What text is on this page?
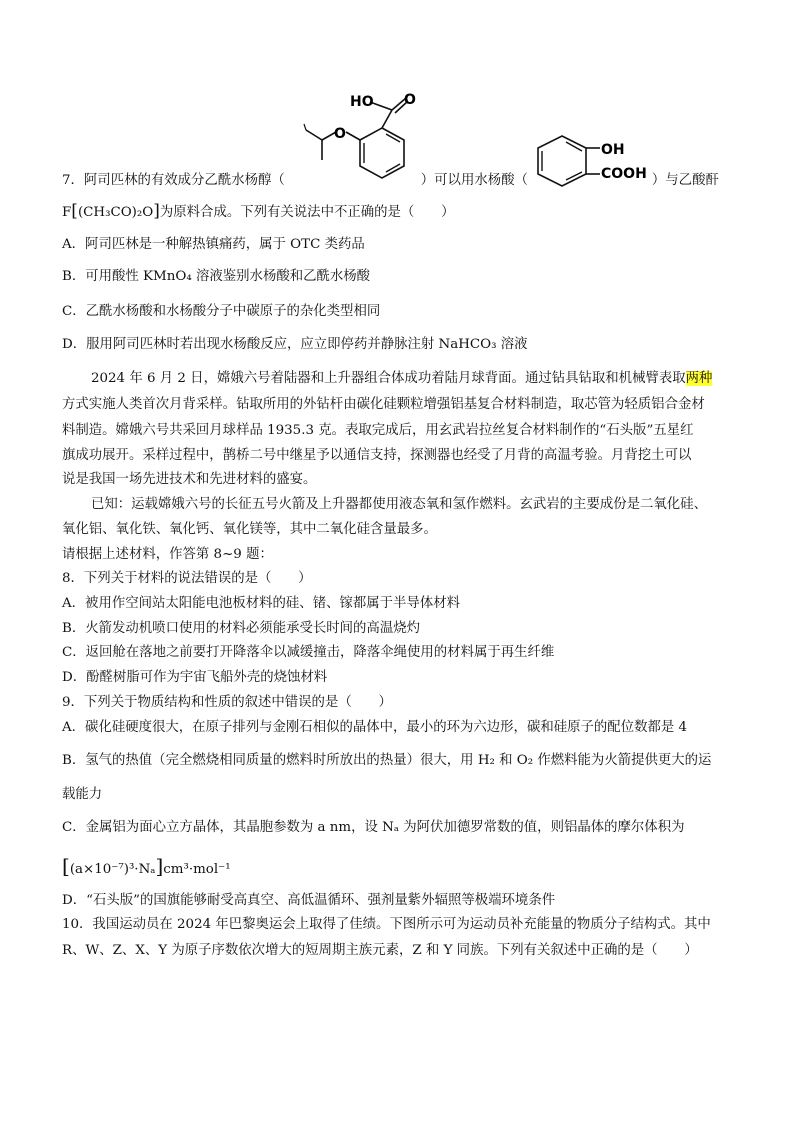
HO O
O
OH
COOH
7．阿司匹林的有效成分乙酰水杨醇（	）可以用水杨酸（	）与乙酸酐
F[(CH₃CO)₂O]为原料合成。下列有关说法中不正确的是（　　）
A．阿司匹林是一种解热镇痛药，属于 OTC 类药品
B．可用酸性 KMnO₄ 溶液鉴别水杨酸和乙酰水杨酸
C．乙酰水杨酸和水杨酸分子中碳原子的杂化类型相同
D．服用阿司匹林时若出现水杨酸反应，应立即停药并静脉注射 NaHCO₃ 溶液
2024 年 6 月 2 日，嫦娥六号着陆器和上升器组合体成功着陆月球背面。通过钻具钻取和机械臂表取两种
方式实施人类首次月背采样。钻取所用的外钻杆由碳化硅颗粒增强铝基复合材料制造，取芯管为轻质铝合金材
料制造。嫦娥六号共采回月球样品 1935.3 克。表取完成后，用玄武岩拉丝复合材料制作的“石头版”五星红
旗成功展开。采样过程中，鹊桥二号中继星予以通信支持，探测器也经受了月背的高温考验。月背挖土可以
说是我国一场先进技术和先进材料的盛宴。
已知：运载嫦娥六号的长征五号火箭及上升器都使用液态氧和氢作燃料。玄武岩的主要成份是二氧化硅、
氧化铝、氧化铁、氧化钙、氧化镁等，其中二氧化硅含量最多。
请根据上述材料，作答第 8~9 题：
8．下列关于材料的说法错误的是（　　）
A．被用作空间站太阳能电池板材料的硅、锗、镓都属于半导体材料
B．火箭发动机喷口使用的材料必须能承受长时间的高温烧灼
C．返回舱在落地之前要打开降落伞以减缓撞击，降落伞绳使用的材料属于再生纤维
D．酚醛树脂可作为宇宙飞船外壳的烧蚀材料
9．下列关于物质结构和性质的叙述中错误的是（　　）
A．碳化硅硬度很大，在原子排列与金刚石相似的晶体中，最小的环为六边形，碳和硅原子的配位数都是 4
B．氢气的热值（完全燃烧相同质量的燃料时所放出的热量）很大，用 H₂ 和 O₂ 作燃料能为火箭提供更大的运
载能力
C．金属铝为面心立方晶体，其晶胞参数为 a nm，设 Nₐ 为阿伏加德罗常数的值，则铝晶体的摩尔体积为
[(a×10⁻⁷)³·Nₐ]cm³·mol⁻¹
D．“石头版”的国旗能够耐受高真空、高低温循环、强剂量紫外辐照等极端环境条件
10．我国运动员在 2024 年巴黎奥运会上取得了佳绩。下图所示可为运动员补充能量的物质分子结构式。其中
R、W、Z、X、Y 为原子序数依次增大的短周期主族元素，Z 和 Y 同族。下列有关叙述中正确的是（　　）
